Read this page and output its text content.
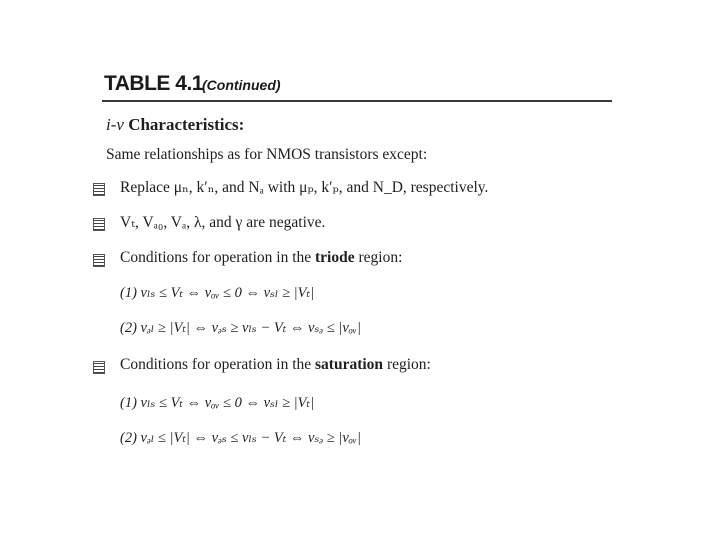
TABLE 4.1 (Continued)
i-v Characteristics:
Same relationships as for NMOS transistors except:
Replace μₙ, k′ₙ, and Nₐ with μₚ, k′ₚ, and N_D, respectively.
Vₜ, Vₐ₀, Vₐ, λ, and γ are negative.
Conditions for operation in the triode region:
(1) vₗₛ ≤ Vₜ ⇔ vₒᵥ ≤ 0 ⇔ vₛₗ ≥ |Vₜ|
(2) vₔₗ ≥ |Vₜ| ⇔ vₔₛ ≥ vₗₛ − Vₜ ⇔ vₛₔ ≤ |vₒᵥ|
Conditions for operation in the saturation region:
(1) vₗₛ ≤ Vₜ ⇔ vₒᵥ ≤ 0 ⇔ vₛₗ ≥ |Vₜ|
(2) vₔₗ ≤ |Vₜ| ⇔ vₔₛ ≤ vₗₛ − Vₜ ⇔ vₛₔ ≥ |vₒᵥ|
